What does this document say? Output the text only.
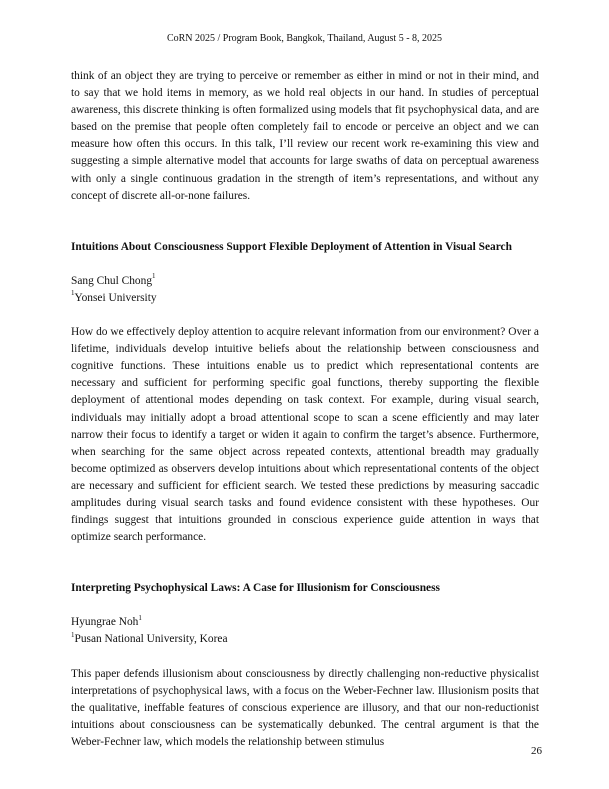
CoRN 2025 / Program Book, Bangkok, Thailand, August 5 - 8, 2025

think of an object they are trying to perceive or remember as either in mind or not in their mind, and to say that we hold items in memory, as we hold real objects in our hand. In studies of perceptual awareness, this discrete thinking is often formalized using models that fit psychophysical data, and are based on the premise that people often completely fail to encode or perceive an object and we can measure how often this occurs. In this talk, I’ll review our recent work re-examining this view and suggesting a simple alternative model that accounts for large swaths of data on perceptual awareness with only a single continuous gradation in the strength of item’s representations, and without any concept of discrete all-or-none failures.

Intuitions About Consciousness Support Flexible Deployment of Attention in Visual Search

Sang Chul Chong$^1$

$^1$Yonsei University

How do we effectively deploy attention to acquire relevant information from our environment? Over a lifetime, individuals develop intuitive beliefs about the relationship between consciousness and cognitive functions. These intuitions enable us to predict which representational contents are necessary and sufficient for performing specific goal functions, thereby supporting the flexible deployment of attentional modes depending on task context. For example, during visual search, individuals may initially adopt a broad attentional scope to scan a scene efficiently and may later narrow their focus to identify a target or widen it again to confirm the target’s absence. Furthermore, when searching for the same object across repeated contexts, attentional breadth may gradually become optimized as observers develop intuitions about which representational contents of the object are necessary and sufficient for efficient search. We tested these predictions by measuring saccadic amplitudes during visual search tasks and found evidence consistent with these hypotheses. Our findings suggest that intuitions grounded in conscious experience guide attention in ways that optimize search performance.

Interpreting Psychophysical Laws: A Case for Illusionism for Consciousness

Hyungrae Noh$^1$

$^1$Pusan National University, Korea

This paper defends illusionism about consciousness by directly challenging non-reductive physicalist interpretations of psychophysical laws, with a focus on the Weber-Fechner law. Illusionism posits that the qualitative, ineffable features of conscious experience are illusory, and that our non-reductionist intuitions about consciousness can be systematically debunked. The central argument is that the Weber-Fechner law, which models the relationship between stimulus

26
